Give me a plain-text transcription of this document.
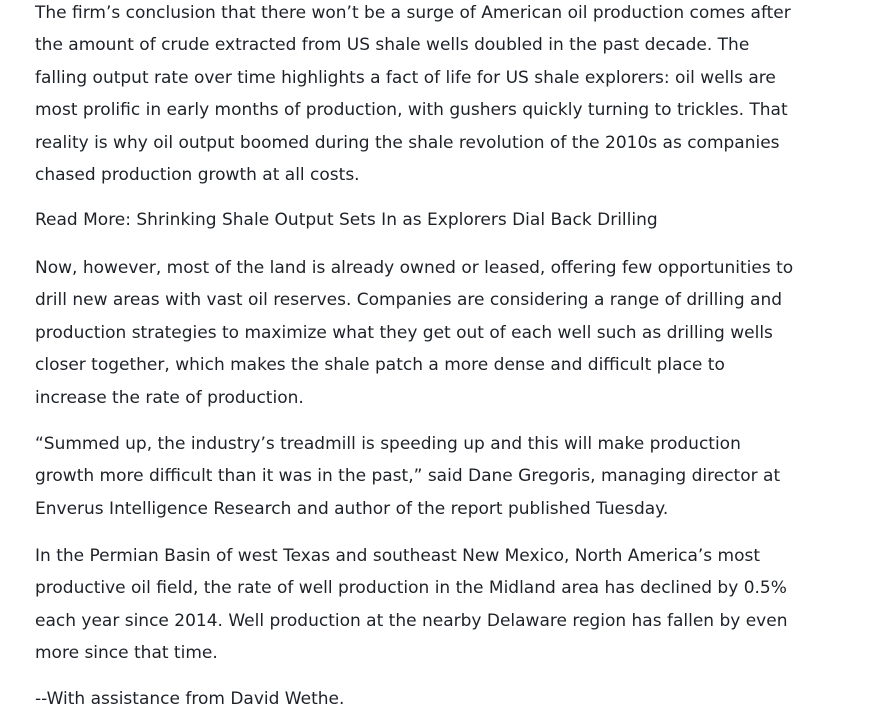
The firm’s conclusion that there won’t be a surge of American oil production comes after the amount of crude extracted from US shale wells doubled in the past decade. The falling output rate over time highlights a fact of life for US shale explorers: oil wells are most prolific in early months of production, with gushers quickly turning to trickles. That reality is why oil output boomed during the shale revolution of the 2010s as companies chased production growth at all costs.

Read More: Shrinking Shale Output Sets In as Explorers Dial Back Drilling

Now, however, most of the land is already owned or leased, offering few opportunities to drill new areas with vast oil reserves. Companies are considering a range of drilling and production strategies to maximize what they get out of each well such as drilling wells closer together, which makes the shale patch a more dense and difficult place to increase the rate of production.

“Summed up, the industry’s treadmill is speeding up and this will make production growth more difficult than it was in the past,” said Dane Gregoris, managing director at Enverus Intelligence Research and author of the report published Tuesday.

In the Permian Basin of west Texas and southeast New Mexico, North America’s most productive oil field, the rate of well production in the Midland area has declined by 0.5% each year since 2014. Well production at the nearby Delaware region has fallen by even more since that time.

--With assistance from David Wethe.
